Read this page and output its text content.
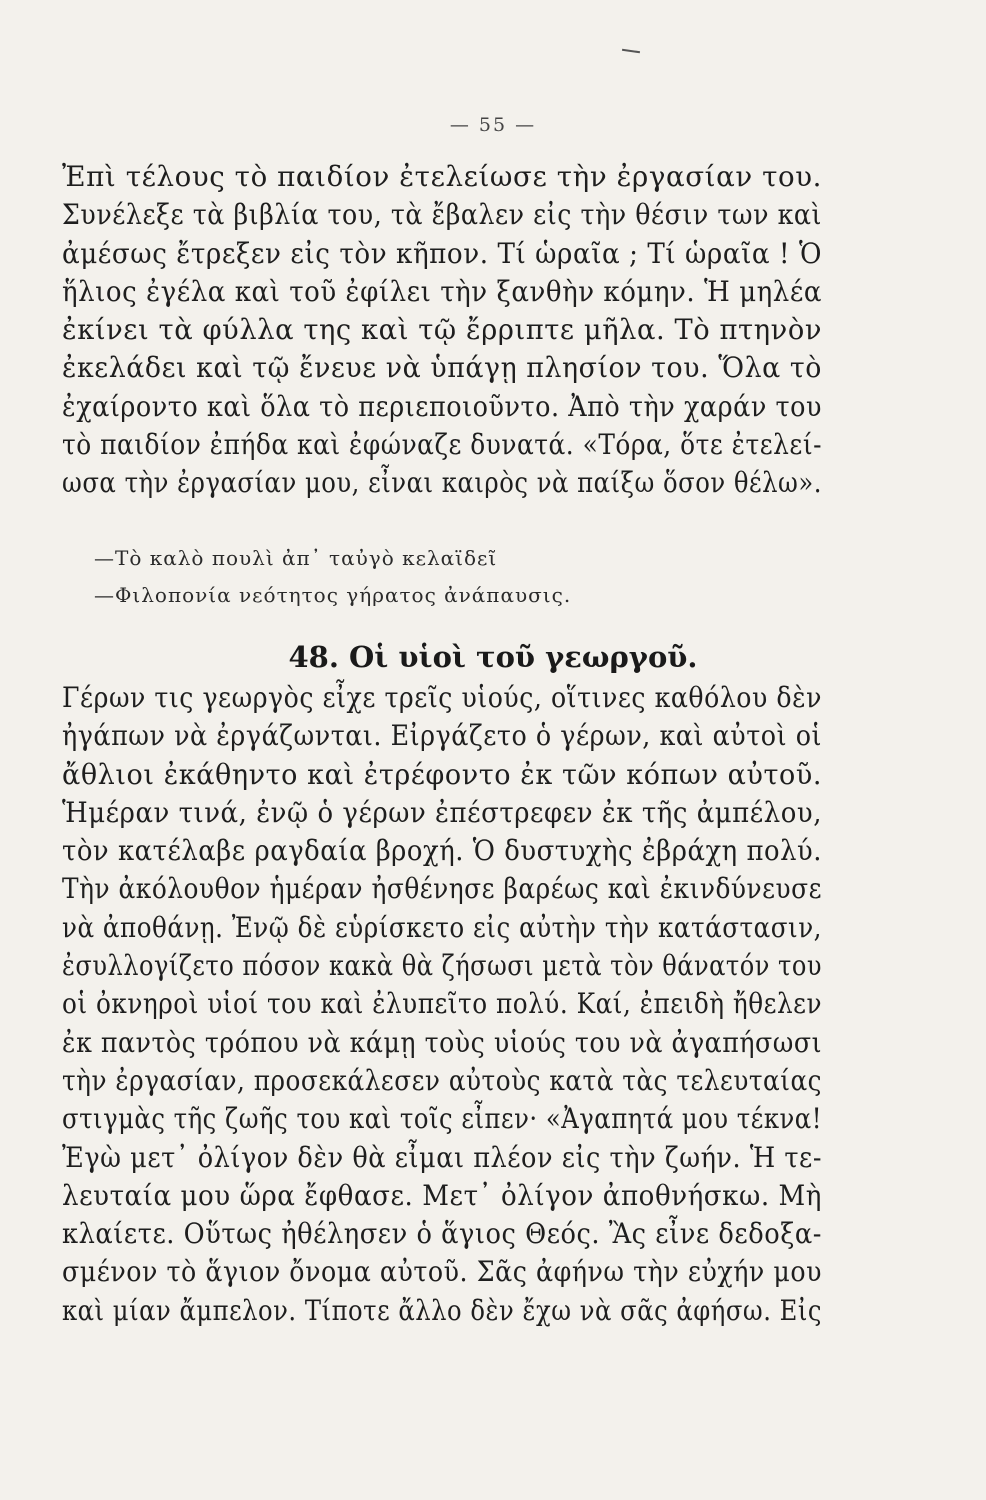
— 55 —
Ἐπὶ τέλους τὸ παιδίον ἐτελείωσε τὴν ἐργασίαν του.
Συνέλεξε τὰ βιβλία του, τὰ ἔβαλεν εἰς τὴν θέσιν των καὶ
ἀμέσως ἔτρεξεν εἰς τὸν κῆπον. Τί ὡραῖα ; Τί ὡραῖα ! Ὁ
ἥλιος ἐγέλα καὶ τοῦ ἐφίλει τὴν ξανθὴν κόμην. Ἡ μηλέα
ἐκίνει τὰ φύλλα της καὶ τῷ ἔρριπτε μῆλα. Τὸ πτηνὸν
ἐκελάδει καὶ τῷ ἔνευε νὰ ὑπάγῃ πλησίον του. Ὅλα τὸ
ἐχαίροντο καὶ ὅλα τὸ περιεποιοῦντο. Ἀπὸ τὴν χαράν του
τὸ παιδίον ἐπήδα καὶ ἐφώναζε δυνατά. «Τόρα, ὅτε ἐτελεί-
ωσα τὴν ἐργασίαν μου, εἶναι καιρὸς νὰ παίξω ὅσον θέλω».
—Τὸ καλὸ πουλὶ ἀπ᾿ ταὐγὸ κελαϊδεῖ
—Φιλοπονία νεότητος γήρατος ἀνάπαυσις.
48. Οἱ υἱοὶ τοῦ γεωργοῦ.
Γέρων τις γεωργὸς εἶχε τρεῖς υἱούς, οἵτινες καθόλου δὲν
ἠγάπων νὰ ἐργάζωνται. Εἰργάζετο ὁ γέρων, καὶ αὐτοὶ οἱ
ἄθλιοι ἐκάθηντο καὶ ἐτρέφοντο ἐκ τῶν κόπων αὐτοῦ.
Ἡμέραν τινά, ἐνῷ ὁ γέρων ἐπέστρεφεν ἐκ τῆς ἀμπέλου,
τὸν κατέλαβε ραγδαία βροχή. Ὁ δυστυχὴς ἐβράχη πολύ.
Τὴν ἀκόλουθον ἡμέραν ἠσθένησε βαρέως καὶ ἐκινδύνευσε
νὰ ἀποθάνῃ. Ἐνῷ δὲ εὑρίσκετο εἰς αὐτὴν τὴν κατάστασιν,
ἐσυλλογίζετο πόσον κακὰ θὰ ζήσωσι μετὰ τὸν θάνατόν του
οἱ ὀκνηροὶ υἱοί του καὶ ἐλυπεῖτο πολύ. Καί, ἐπειδὴ ἤθελεν
ἐκ παντὸς τρόπου νὰ κάμῃ τοὺς υἱούς του νὰ ἀγαπήσωσι
τὴν ἐργασίαν, προσεκάλεσεν αὐτοὺς κατὰ τὰς τελευταίας
στιγμὰς τῆς ζωῆς του καὶ τοῖς εἶπεν· «Ἀγαπητά μου τέκνα!
Ἐγὼ μετ᾿ ὀλίγον δὲν θὰ εἶμαι πλέον εἰς τὴν ζωήν. Ἡ τε-
λευταία μου ὥρα ἔφθασε. Μετ᾿ ὀλίγον ἀποθνήσκω. Μὴ
κλαίετε. Οὕτως ἠθέλησεν ὁ ἅγιος Θεός. Ἂς εἶνε δεδοξα-
σμένον τὸ ἅγιον ὄνομα αὐτοῦ. Σᾶς ἀφήνω τὴν εὐχήν μου
καὶ μίαν ἄμπελον. Τίποτε ἄλλο δὲν ἔχω νὰ σᾶς ἀφήσω. Εἰς
